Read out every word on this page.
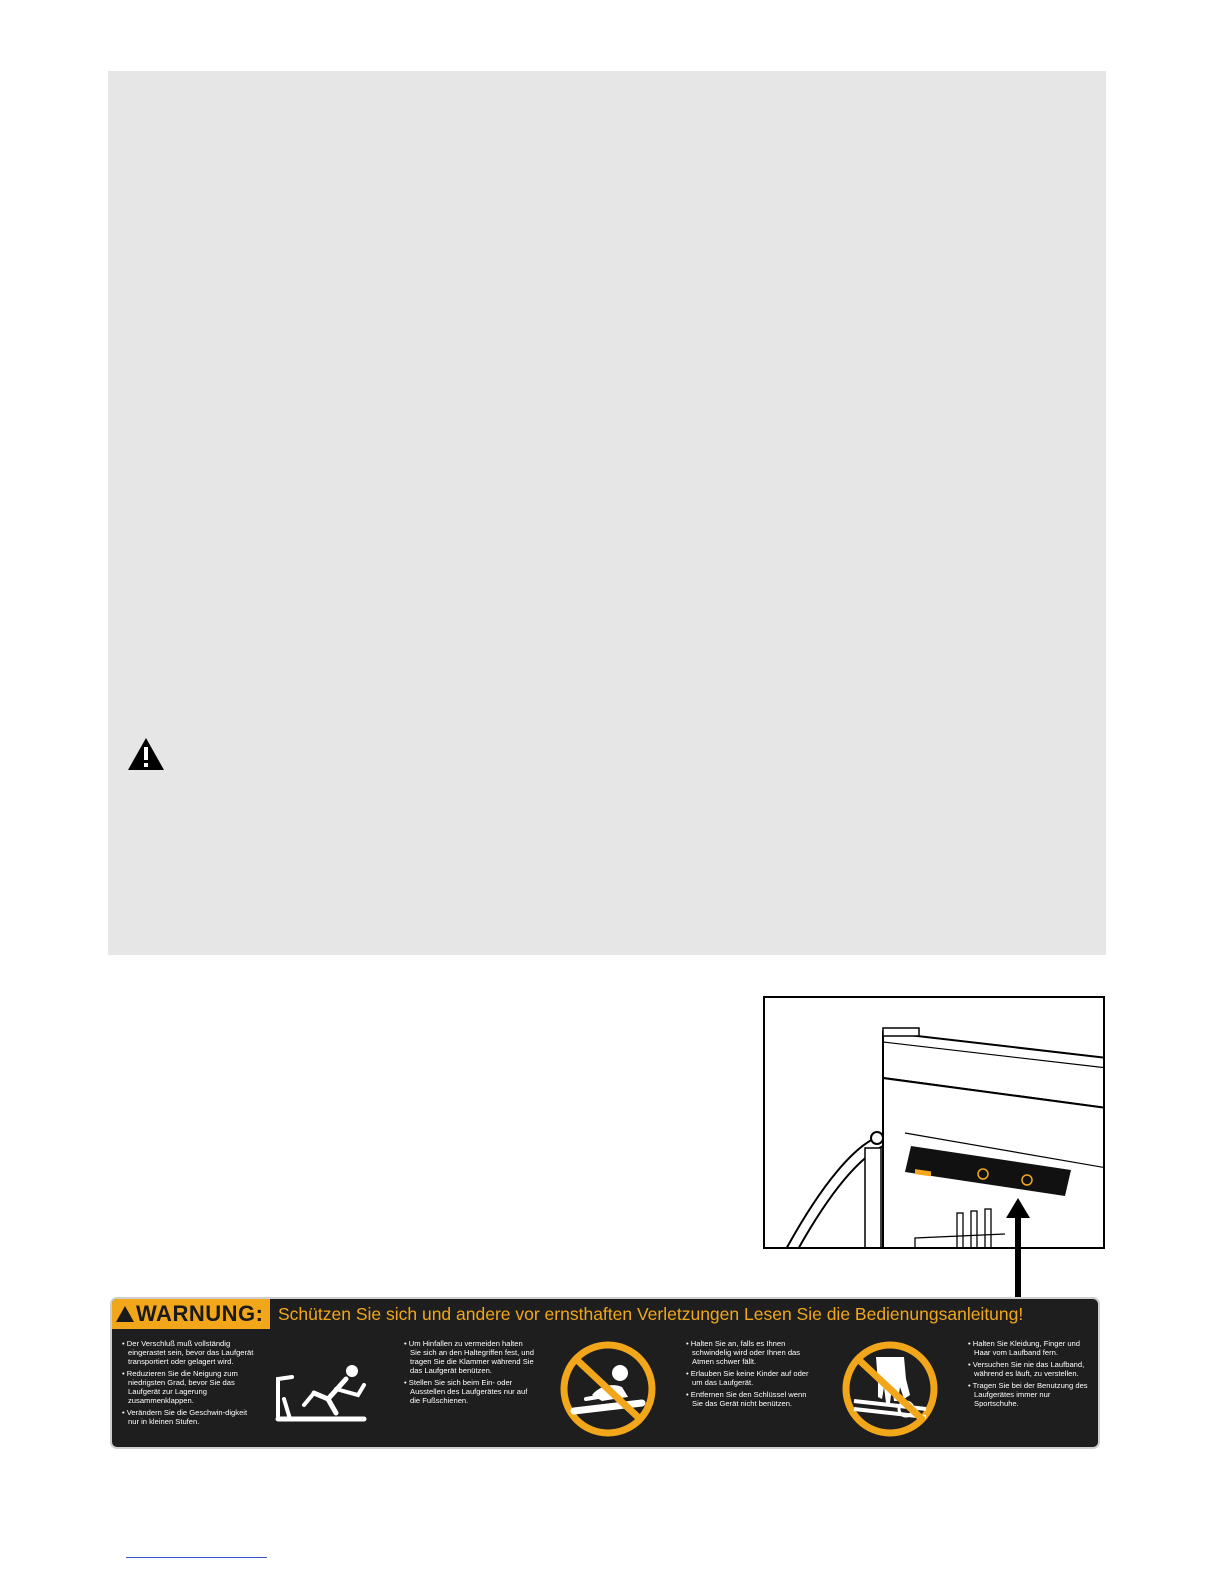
WARNUNG: Schützen Sie sich und andere vor ernsthaften Verletzungen Lesen Sie die Bedienungsanleitung!
• Der Verschluß muß vollständig eingerastet sein, bevor das Laufgerät transportiert oder gelagert wird.
• Reduzieren Sie die Neigung zum niedrigsten Grad, bevor Sie das Laufgerät zur Lagerung zusammenklappen.
• Verändern Sie die Geschwin-digkeit nur in kleinen Stufen.
• Um Hinfallen zu vermeiden halten Sie sich an den Haltegriffen fest, und tragen Sie die Klammer während Sie das Laufgerät benützen.
• Stellen Sie sich beim Ein- oder Ausstellen des Laufgerätes nur auf die Fußschienen.
• Halten Sie an, falls es Ihnen schwindelig wird oder Ihnen das Atmen schwer fällt.
• Erlauben Sie keine Kinder auf oder um das Laufgerät.
• Entfernen Sie den Schlüssel wenn Sie das Gerät nicht benützen.
• Halten Sie Kleidung, Finger und Haar vom Laufband fern.
• Versuchen Sie nie das Laufband, während es läuft, zu verstellen.
• Tragen Sie bei der Benutzung des Laufgerätes immer nur Sportschuhe.
